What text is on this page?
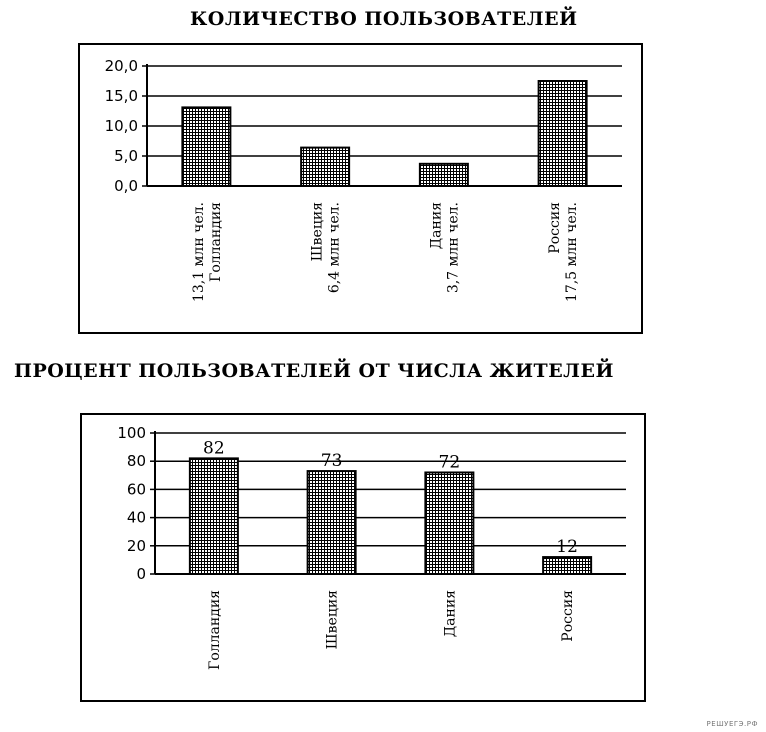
КОЛИЧЕСТВО ПОЛЬЗОВАТЕЛЕЙ
ПРОЦЕНТ ПОЛЬЗОВАТЕЛЕЙ ОТ ЧИСЛА ЖИТЕЛЕЙ
0,0
5,0
10,0
15,0
20,0
13,1 млн чел. Голландия	Швеция 6,4 млн чел.	Дания 3,7 млн чел.	Россия 17,5 млн чел.
0
20
40
60
80
100
82
Голландия
73
Швеция
72
Дания
12
Россия
РЕШУЕГЭ.РФ
